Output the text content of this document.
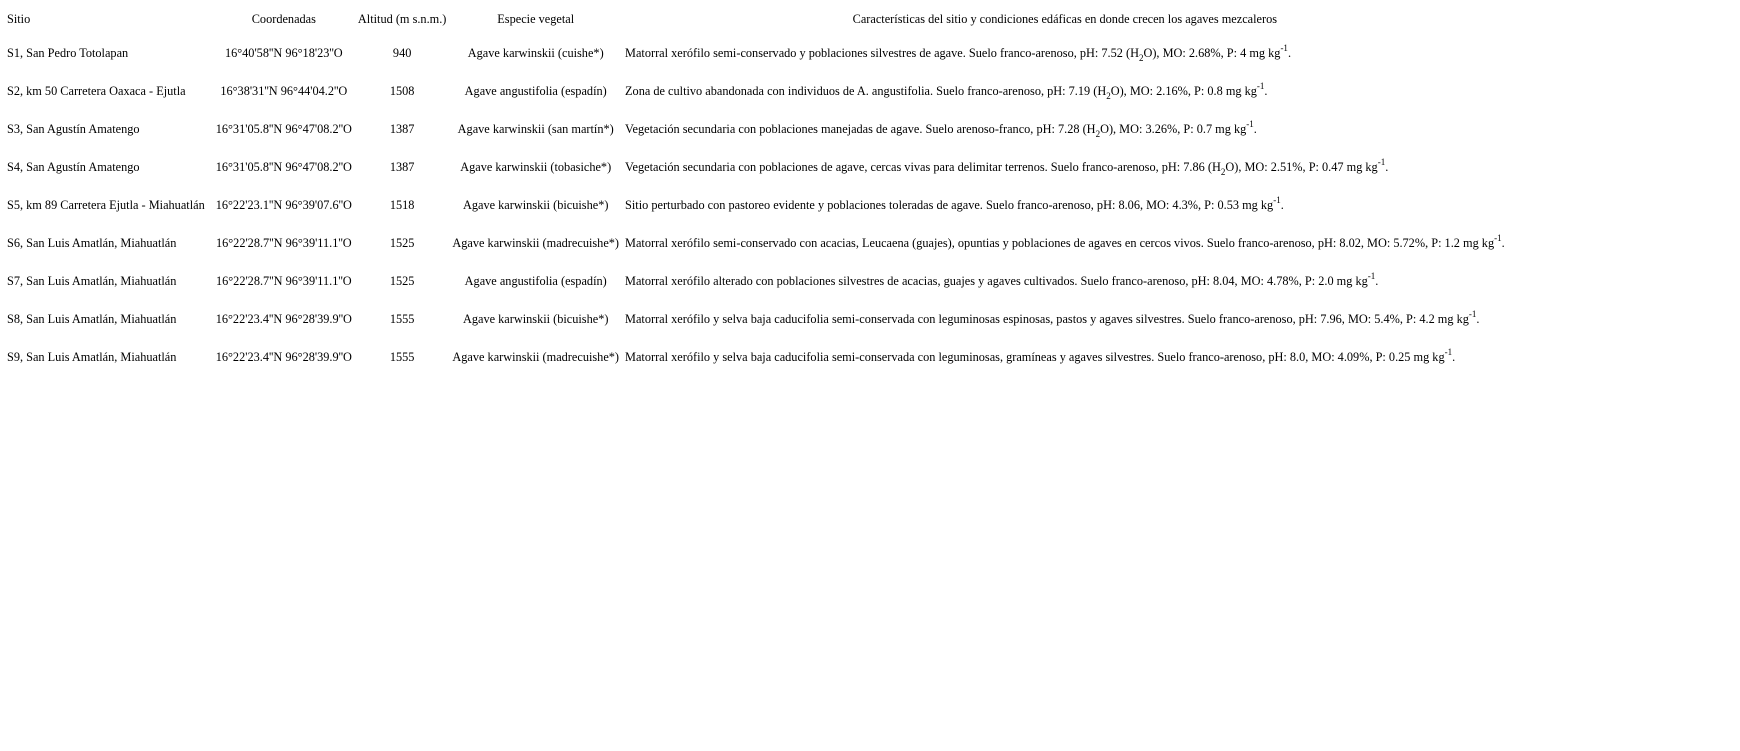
Sitio	Coordenadas	Altitud (m s.n.m.)	Especie vegetal	Características del sitio y condiciones edáficas en donde crecen los agaves mezcaleros
S1, San Pedro Totolapan	16°40'58''N 96°18'23''O	940	Agave karwinskii (cuishe*)	Matorral xerófilo semi-conservado y poblaciones silvestres de agave. Suelo franco-arenoso, pH: 7.52 $(H_2O)$, MO: 2.68%, P: 4 mg $kg^{-1}$.
S2, km 50 Carretera Oaxaca - Ejutla	16°38'31''N 96°44'04.2''O	1508	Agave angustifolia (espadín)	Zona de cultivo abandonada con individuos de A. angustifolia. Suelo franco-arenoso, pH: 7.19 $(H_2O)$, MO: 2.16%, P: 0.8 mg $kg^{-1}$.
S3, San Agustín Amatengo	16°31'05.8''N 96°47'08.2''O	1387	Agave karwinskii (san martín*)	Vegetación secundaria con poblaciones manejadas de agave. Suelo arenoso-franco, pH: 7.28 $(H_2O)$, MO: 3.26%, P: 0.7 mg $kg^{-1}$.
S4, San Agustín Amatengo	16°31'05.8''N 96°47'08.2''O	1387	Agave karwinskii (tobasiche*)	Vegetación secundaria con poblaciones de agave, cercas vivas para delimitar terrenos. Suelo franco-arenoso, pH: 7.86 $(H_2O)$, MO: 2.51%, P: 0.47 mg $kg^{-1}$.
S5, km 89 Carretera Ejutla - Miahuatlán	16°22'23.1''N 96°39'07.6''O	1518	Agave karwinskii (bicuishe*)	Sitio perturbado con pastoreo evidente y poblaciones toleradas de agave. Suelo franco-arenoso, pH: 8.06, MO: 4.3%, P: 0.53 mg $kg^{-1}$.
S6, San Luis Amatlán, Miahuatlán	16°22'28.7''N 96°39'11.1''O	1525	Agave karwinskii (madrecuishe*)	Matorral xerófilo semi-conservado con acacias, Leucaena (guajes), opuntias y poblaciones de agaves en cercos vivos. Suelo franco-arenoso, pH: 8.02, MO: 5.72%, P: 1.2 mg $kg^{-1}$.
S7, San Luis Amatlán, Miahuatlán	16°22'28.7''N 96°39'11.1''O	1525	Agave angustifolia (espadín)	Matorral xerófilo alterado con poblaciones silvestres de acacias, guajes y agaves cultivados. Suelo franco-arenoso, pH: 8.04, MO: 4.78%, P: 2.0 mg $kg^{-1}$.
S8, San Luis Amatlán, Miahuatlán	16°22'23.4''N 96°28'39.9''O	1555	Agave karwinskii (bicuishe*)	Matorral xerófilo y selva baja caducifolia semi-conservada con leguminosas espinosas, pastos y agaves silvestres. Suelo franco-arenoso, pH: 7.96, MO: 5.4%, P: 4.2 mg $kg^{-1}$.
S9, San Luis Amatlán, Miahuatlán	16°22'23.4''N 96°28'39.9''O	1555	Agave karwinskii (madrecuishe*)	Matorral xerófilo y selva baja caducifolia semi-conservada con leguminosas, gramíneas y agaves silvestres. Suelo franco-arenoso, pH: 8.0, MO: 4.09%, P: 0.25 mg $kg^{-1}$.
